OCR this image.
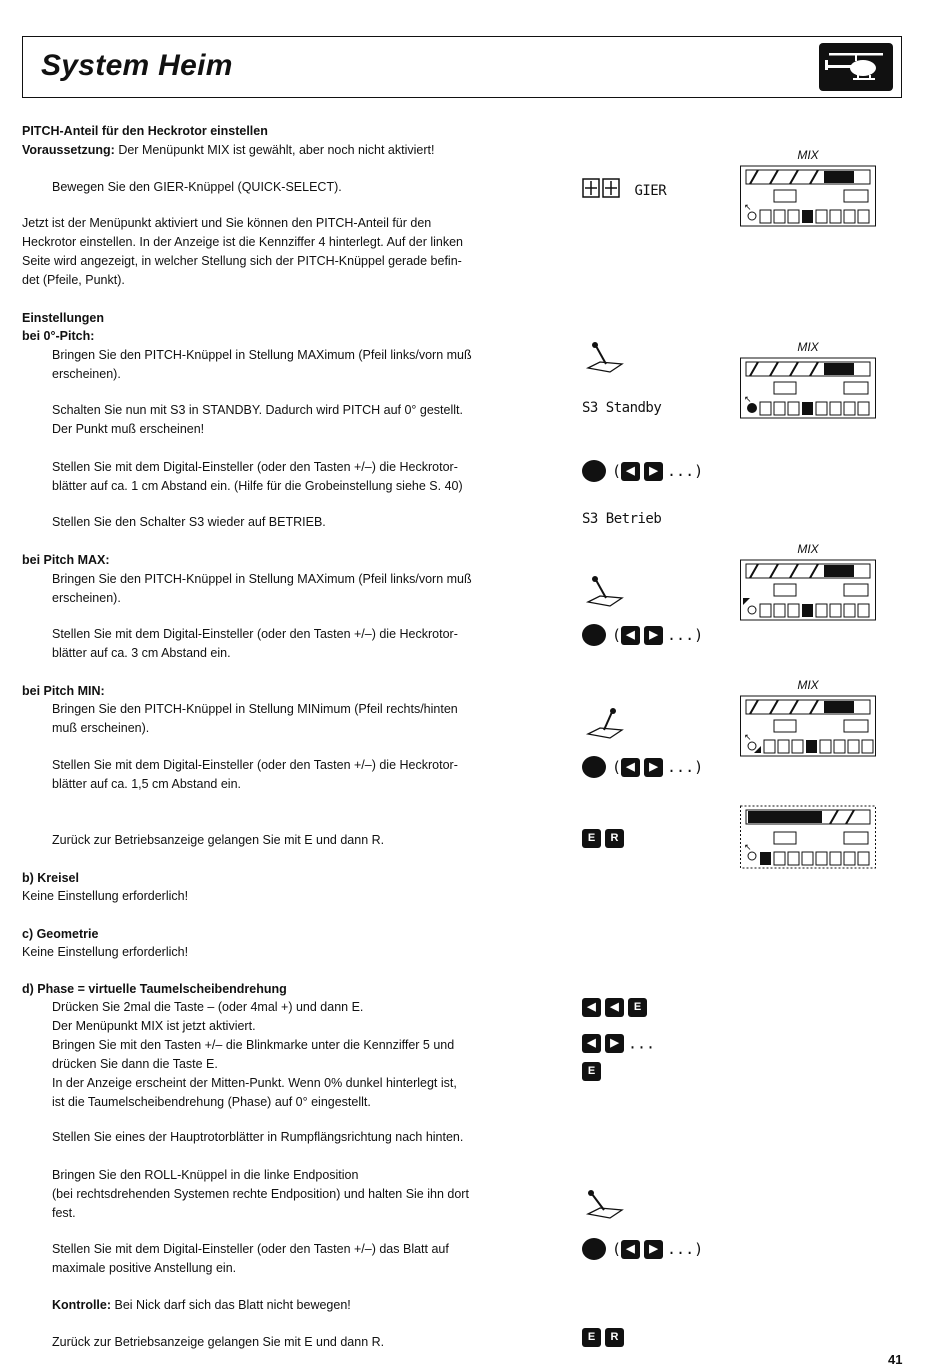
System Heim
PITCH-Anteil für den Heckrotor einstellen
Voraussetzung: Der Menüpunkt MIX ist gewählt, aber noch nicht aktiviert!
Bewegen Sie den GIER-Knüppel (QUICK-SELECT).	GIER
Jetzt ist der Menüpunkt aktiviert und Sie können den PITCH-Anteil für den
Heckrotor einstellen. In der Anzeige ist die Kennziffer 4 hinterlegt. Auf der linken
Seite wird angezeigt, in welcher Stellung sich der PITCH-Knüppel gerade befin-
det (Pfeile, Punkt).
Einstellungen
bei 0°-Pitch:
Bringen Sie den PITCH-Knüppel in Stellung MAXimum (Pfeil links/vorn muß
erscheinen).
Schalten Sie nun mit S3 in STANDBY. Dadurch wird PITCH auf 0° gestellt.
Der Punkt muß erscheinen!
S3 Standby
Stellen Sie mit dem Digital-Einsteller (oder den Tasten +/–) die Heckrotor-
blätter auf ca. 1 cm Abstand ein. (Hilfe für die Grobeinstellung siehe S. 40)
( ◀ ▶ ...)
Stellen Sie den Schalter S3 wieder auf BETRIEB.	S3 Betrieb
bei Pitch MAX:
Bringen Sie den PITCH-Knüppel in Stellung MAXimum (Pfeil links/vorn muß
erscheinen).
Stellen Sie mit dem Digital-Einsteller (oder den Tasten +/–) die Heckrotor-
blätter auf ca. 3 cm Abstand ein.
( ◀ ▶ ...)
bei Pitch MIN:
Bringen Sie den PITCH-Knüppel in Stellung MINimum (Pfeil rechts/hinten
muß erscheinen).
Stellen Sie mit dem Digital-Einsteller (oder den Tasten +/–) die Heckrotor-
blätter auf ca. 1,5 cm Abstand ein.
( ◀ ▶ ...)
Zurück zur Betriebsanzeige gelangen Sie mit E und dann R.	E R
b) Kreisel
Keine Einstellung erforderlich!
c) Geometrie
Keine Einstellung erforderlich!
d) Phase = virtuelle Taumelscheibendrehung
Drücken Sie 2mal die Taste – (oder 4mal +) und dann E.
Der Menüpunkt MIX ist jetzt aktiviert.
Bringen Sie mit den Tasten +/– die Blinkmarke unter die Kennziffer 5 und
drücken Sie dann die Taste E.
In der Anzeige erscheint der Mitten-Punkt. Wenn 0% dunkel hinterlegt ist,
ist die Taumelscheibendrehung (Phase) auf 0° eingestellt.
◀ ◀ E
◀ ▶ ...
E
Stellen Sie eines der Hauptrotorblätter in Rumpflängsrichtung nach hinten.
Bringen Sie den ROLL-Knüppel in die linke Endposition
(bei rechtsdrehenden Systemen rechte Endposition) und halten Sie ihn dort
fest.
Stellen Sie mit dem Digital-Einsteller (oder den Tasten +/–) das Blatt auf
maximale positive Anstellung ein.
( ◀ ▶ ...)
Kontrolle: Bei Nick darf sich das Blatt nicht bewegen!
Zurück zur Betriebsanzeige gelangen Sie mit E und dann R.	E R
MIX
↖
MIX
↖
MIX
MIX
↖
↖
41
